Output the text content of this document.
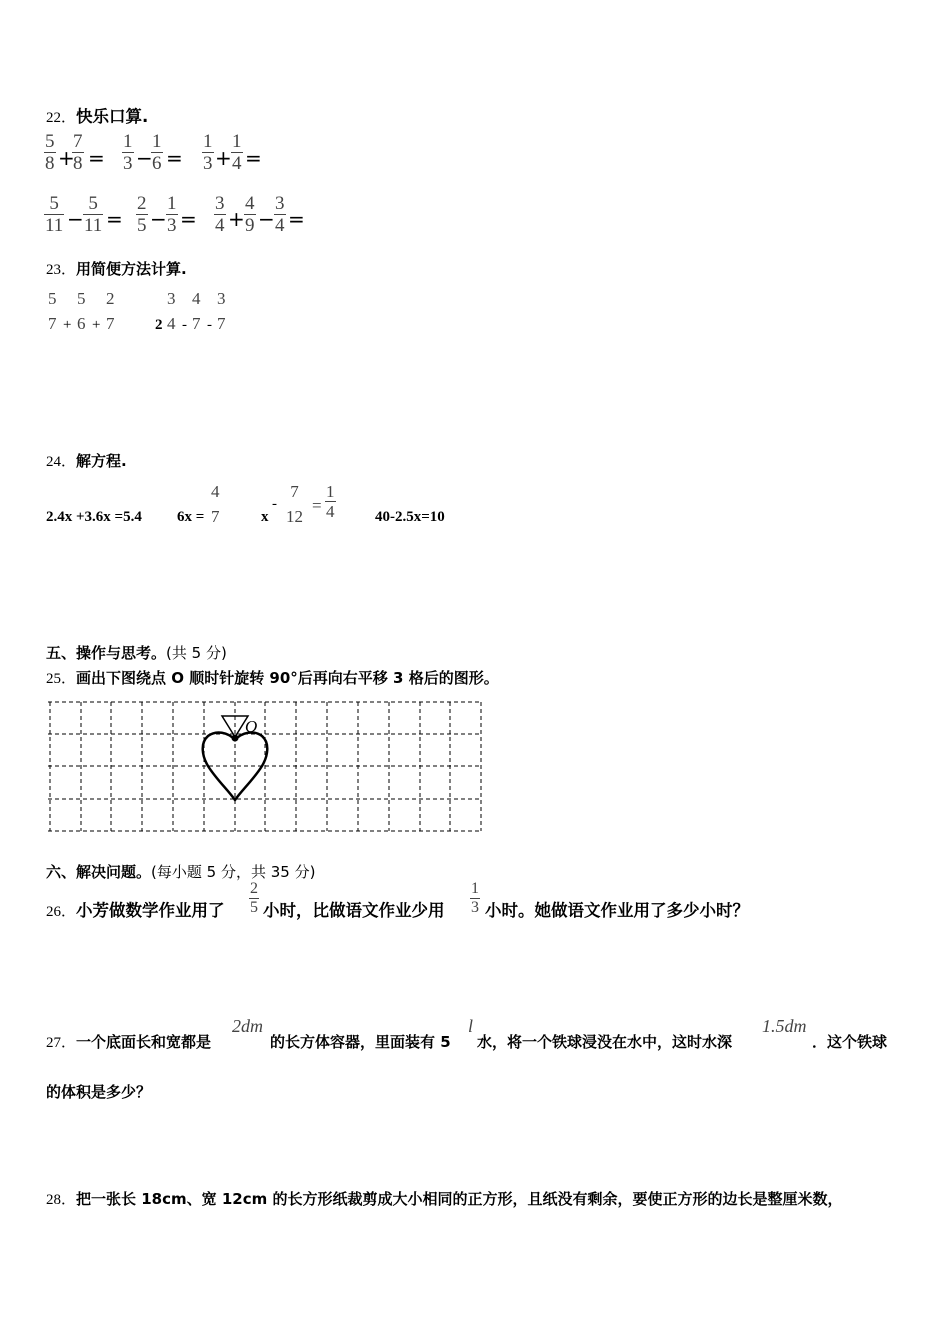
22．快乐口算.
5
8 +
7
8 =
1
3 −
1
6 =
1
3 +
1
4 =
5
11 −
5
11 =
2
5 −
1
3 =
3
4 +
4
9 −
3
4 =
23．用简便方法计算.
5
7 +
5
6 +
2
7	2
3
4 -
4
7 -
3
7
24．解方程.
2.4x +3.6x =5.4 6x =
4
7	x
-
7
12
=
1
4	40-2.5x=10
五、操作与思考。(共 5 分)
25．画出下图绕点 O 顺时针旋转 90°后再向右平移 3 格后的图形。
O
六、解决问题。(每小题 5 分，共 35 分)
26．小芳做数学作业用了
2
5 小时，比做语文作业少用
1
3 小时。她做语文作业用了多少小时？
27．一个底面长和宽都是
2dm
的长方体容器，里面装有 5
l
水，将一个铁球浸没在水中，这时水深
1.5dm
．这个铁球
的体积是多少？
28．把一张长 18cm、宽 12cm 的长方形纸裁剪成大小相同的正方形，且纸没有剩余，要使正方形的边长是整厘米数，
